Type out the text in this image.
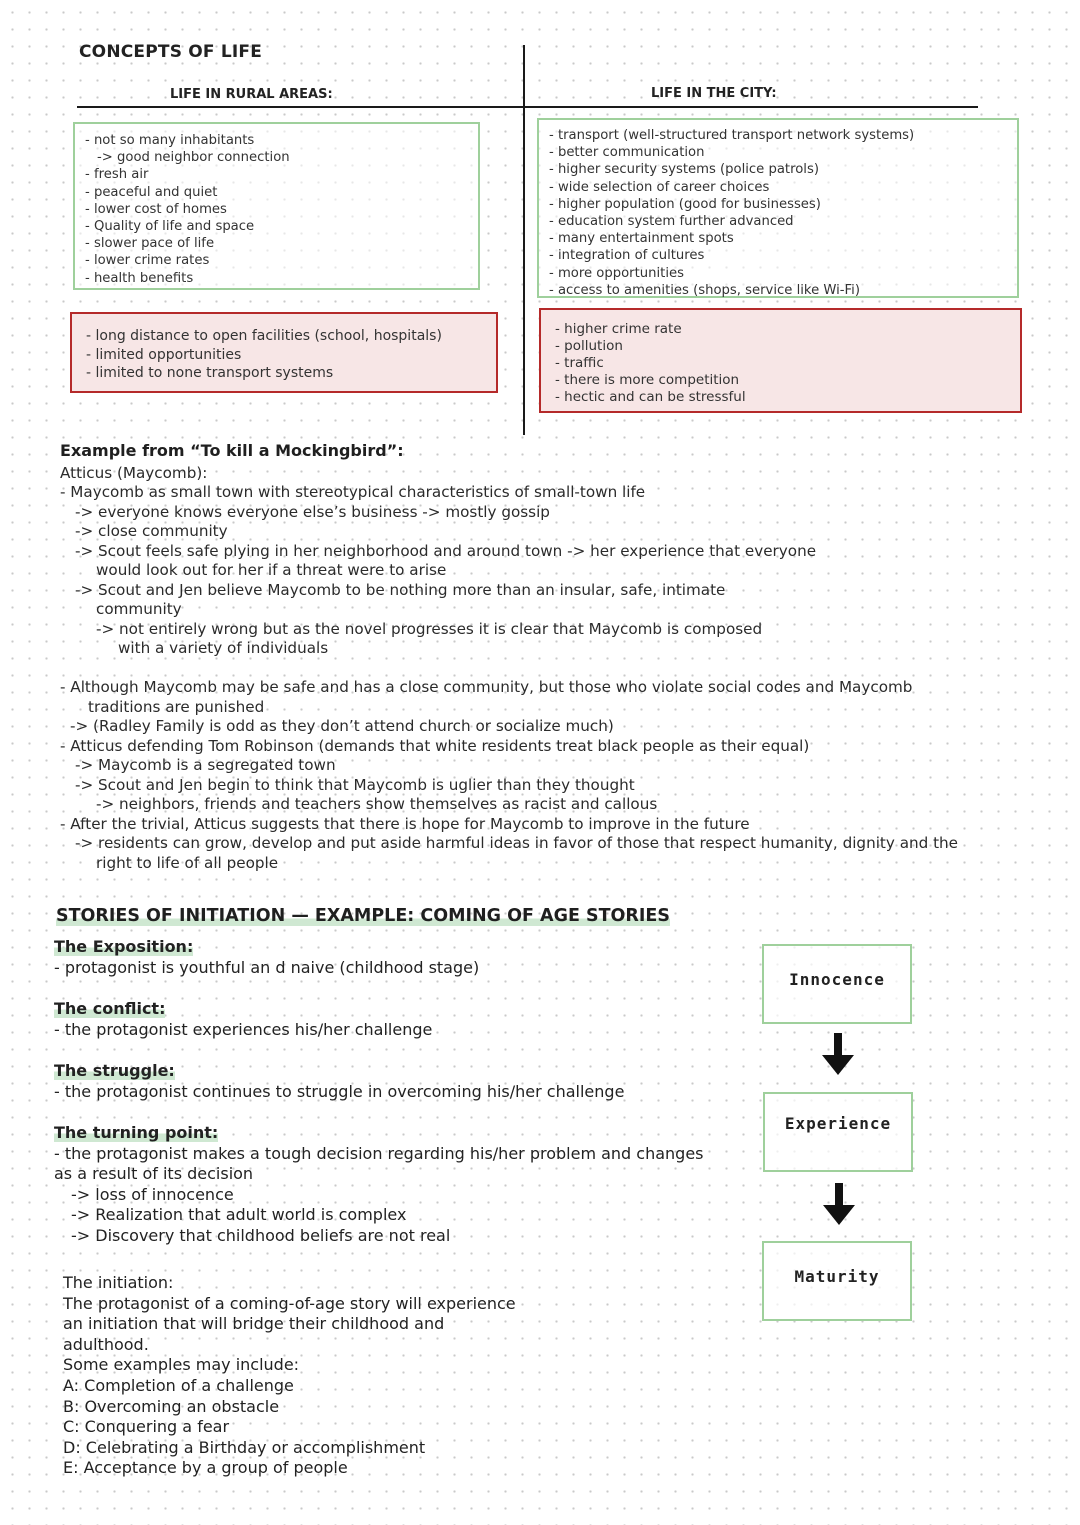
CONCEPTS OF LIFE
LIFE IN RURAL AREAS:	LIFE IN THE CITY:
- not so many inhabitants
-> good neighbor connection
- fresh air
- peaceful and quiet
- lower cost of homes
- Quality of life and space
- slower pace of life
- lower crime rates
- health benefits
- long distance to open facilities (school, hospitals)
- limited opportunities
- limited to none transport systems
- transport (well-structured transport network systems)
- better communication
- higher security systems (police patrols)
- wide selection of career choices
- higher population (good for businesses)
- education system further advanced
- many entertainment spots
- integration of cultures
- more opportunities
- access to amenities (shops, service like Wi-Fi)
- higher crime rate
- pollution
- traffic
- there is more competition
- hectic and can be stressful
Example from “To kill a Mockingbird”:
Atticus (Maycomb):
- Maycomb as small town with stereotypical characteristics of small-town life
-> everyone knows everyone else’s business -> mostly gossip
-> close community
-> Scout feels safe plying in her neighborhood and around town -> her experience that everyone
would look out for her if a threat were to arise
-> Scout and Jen believe Maycomb to be nothing more than an insular, safe, intimate
community
-> not entirely wrong but as the novel progresses it is clear that Maycomb is composed
with a variety of individuals
- Although Maycomb may be safe and has a close community, but those who violate social codes and Maycomb
traditions are punished
-> (Radley Family is odd as they don’t attend church or socialize much)
- Atticus defending Tom Robinson (demands that white residents treat black people as their equal)
-> Maycomb is a segregated town
-> Scout and Jen begin to think that Maycomb is uglier than they thought
-> neighbors, friends and teachers show themselves as racist and callous
- After the trivial, Atticus suggests that there is hope for Maycomb to improve in the future
-> residents can grow, develop and put aside harmful ideas in favor of those that respect humanity, dignity and the
right to life of all people
STORIES OF INITIATION — EXAMPLE: COMING OF AGE STORIES
The Exposition:
- protagonist is youthful an d naive (childhood stage)
The conflict:
- the protagonist experiences his/her challenge
The struggle:
- the protagonist continues to struggle in overcoming his/her challenge
The turning point:
- the protagonist makes a tough decision regarding his/her problem and changes
as a result of its decision
-> loss of innocence
-> Realization that adult world is complex
-> Discovery that childhood beliefs are not real
The initiation:
The protagonist of a coming-of-age story will experience
an initiation that will bridge their childhood and
adulthood.
Some examples may include:
A: Completion of a challenge
B: Overcoming an obstacle
C: Conquering a fear
D: Celebrating a Birthday or accomplishment
E: Acceptance by a group of people
Innocence
Experience
Maturity
